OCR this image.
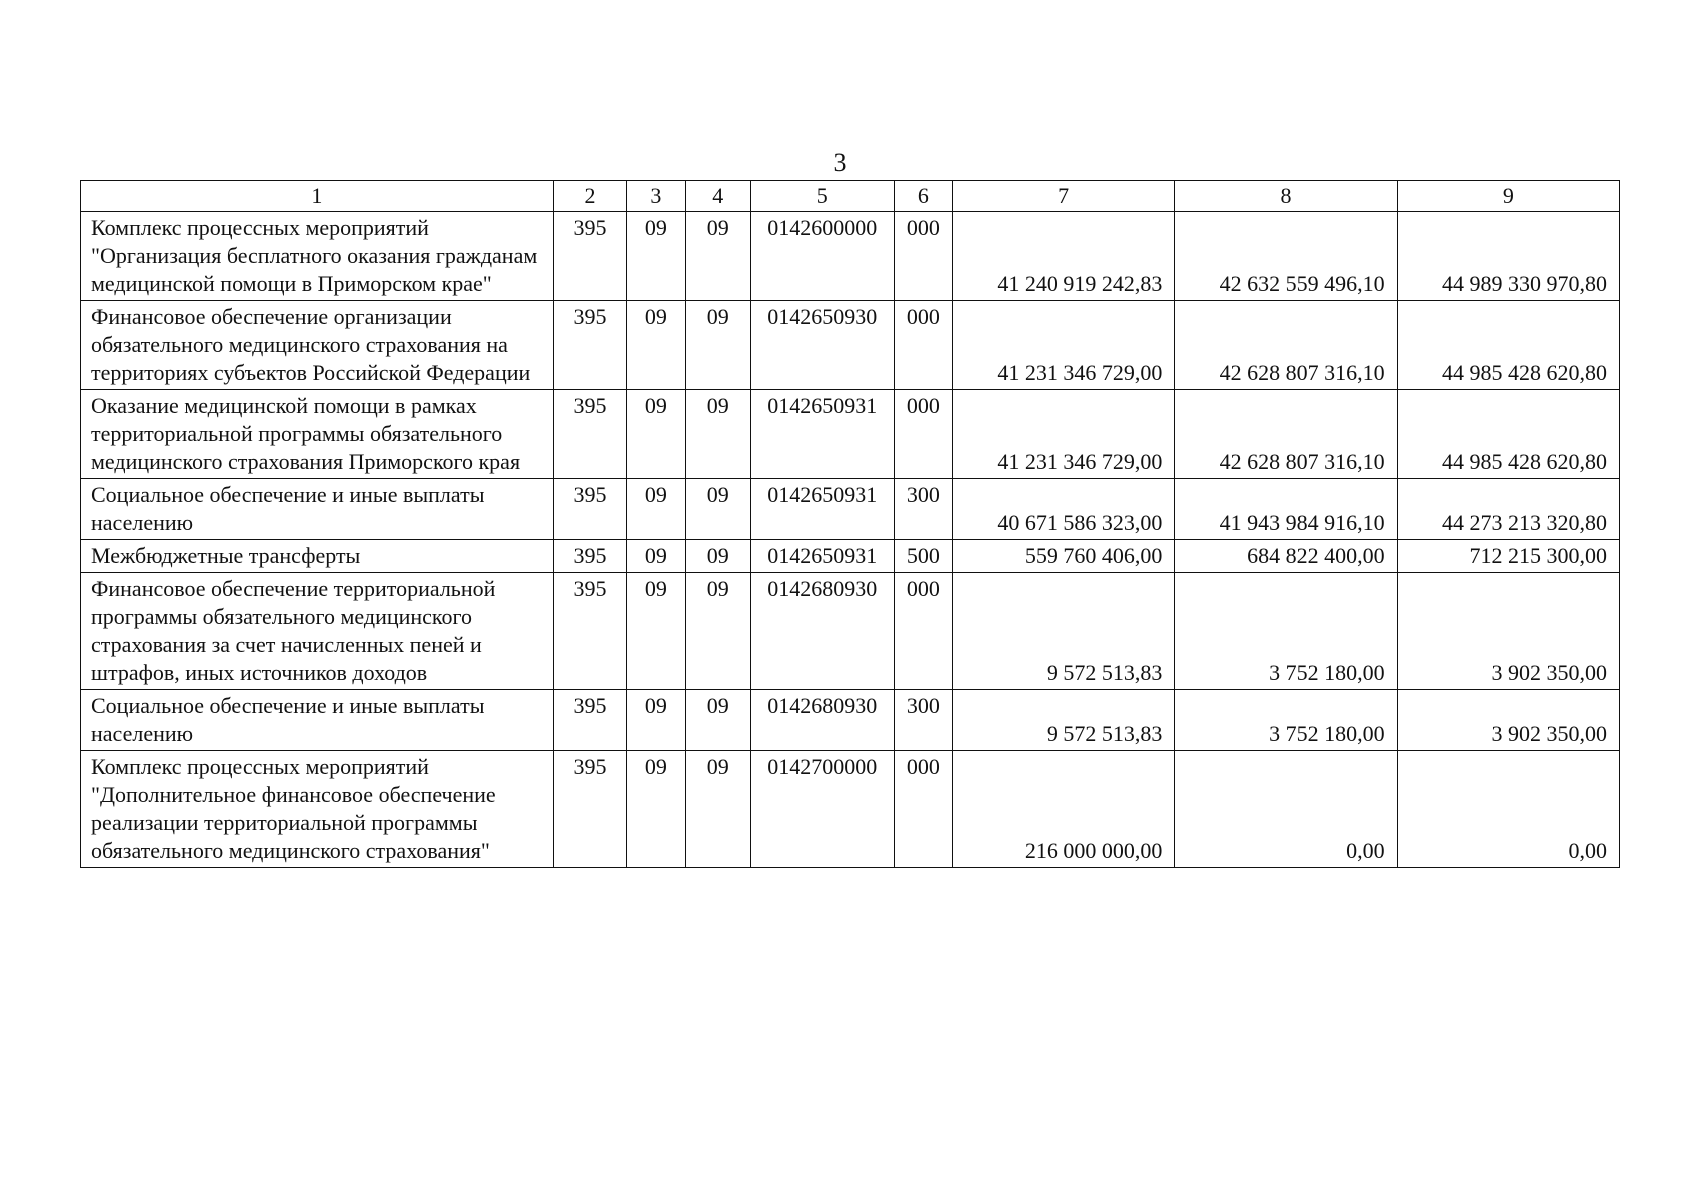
3
1	2	3	4	5	6	7	8	9
Комплекс процессных мероприятий "Организация бесплатного оказания гражданам медицинской помощи в Приморском крае"	395	09	09	0142600000	000	41 240 919 242,83	42 632 559 496,10	44 989 330 970,80
Финансовое обеспечение организации обязательного медицинского страхования на территориях субъектов Российской Федерации	395	09	09	0142650930	000	41 231 346 729,00	42 628 807 316,10	44 985 428 620,80
Оказание медицинской помощи в рамках территориальной программы обязательного медицинского страхования Приморского края	395	09	09	0142650931	000	41 231 346 729,00	42 628 807 316,10	44 985 428 620,80
Социальное обеспечение и иные выплаты населению	395	09	09	0142650931	300	40 671 586 323,00	41 943 984 916,10	44 273 213 320,80
Межбюджетные трансферты	395	09	09	0142650931	500	559 760 406,00	684 822 400,00	712 215 300,00
Финансовое обеспечение территориальной программы обязательного медицинского страхования за счет начисленных пеней и штрафов, иных источников доходов	395	09	09	0142680930	000	9 572 513,83	3 752 180,00	3 902 350,00
Социальное обеспечение и иные выплаты населению	395	09	09	0142680930	300	9 572 513,83	3 752 180,00	3 902 350,00
Комплекс процессных мероприятий "Дополнительное финансовое обеспечение реализации территориальной программы обязательного медицинского страхования"	395	09	09	0142700000	000	216 000 000,00	0,00	0,00
